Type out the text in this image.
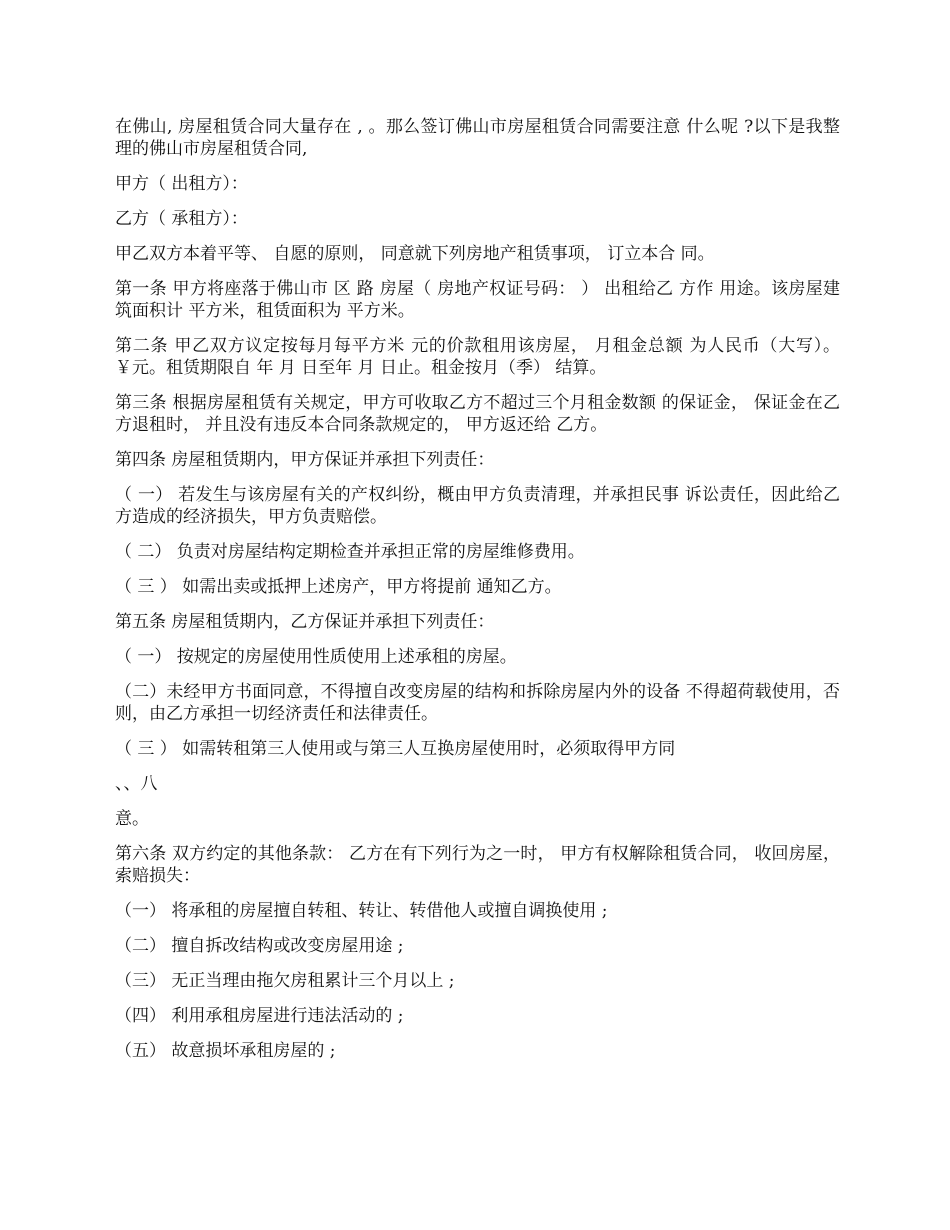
在佛山, 房屋租赁合同大量存在 , 。那么签订佛山市房屋租赁合同需要注意 什么呢 ?以下是我整理的佛山市房屋租赁合同,

甲方（ 出租方）：

乙方（ 承租方）：

甲乙双方本着平等、 自愿的原则， 同意就下列房地产租赁事项， 订立本合 同。

第一条 甲方将座落于佛山市 区 路 房屋（ 房地产权证号码： ） 出租给乙 方作 用途。该房屋建筑面积计 平方米，租赁面积为 平方米。

第二条 甲乙双方议定按每月每平方米 元的价款租用该房屋， 月租金总额 为人民币（大写）。￥元。租赁期限自 年 月 日至年 月 日止。租金按月（季） 结算。

第三条 根据房屋租赁有关规定，甲方可收取乙方不超过三个月租金数额 的保证金， 保证金在乙方退租时， 并且没有违反本合同条款规定的， 甲方返还给 乙方。

第四条 房屋租赁期内，甲方保证并承担下列责任：

（ 一） 若发生与该房屋有关的产权纠纷，概由甲方负责清理，并承担民事 诉讼责任，因此给乙方造成的经济损失，甲方负责赔偿。

（ 二） 负责对房屋结构定期检查并承担正常的房屋维修费用。

（ 三 ） 如需出卖或抵押上述房产，甲方将提前 通知乙方。

第五条 房屋租赁期内，乙方保证并承担下列责任：

（ 一） 按规定的房屋使用性质使用上述承租的房屋。

（二）未经甲方书面同意，不得擅自改变房屋的结构和拆除房屋内外的设备 不得超荷载使用，否则，由乙方承担一切经济责任和法律责任。

（ 三 ） 如需转租第三人使用或与第三人互换房屋使用时，必须取得甲方同

、、八

意。

第六条 双方约定的其他条款： 乙方在有下列行为之一时， 甲方有权解除租赁合同， 收回房屋，索赔损失：

（一） 将承租的房屋擅自转租、转让、转借他人或擅自调换使用 ;

（二） 擅自拆改结构或改变房屋用途 ;

（三） 无正当理由拖欠房租累计三个月以上 ;

（四） 利用承租房屋进行违法活动的 ;

（五） 故意损坏承租房屋的 ;
